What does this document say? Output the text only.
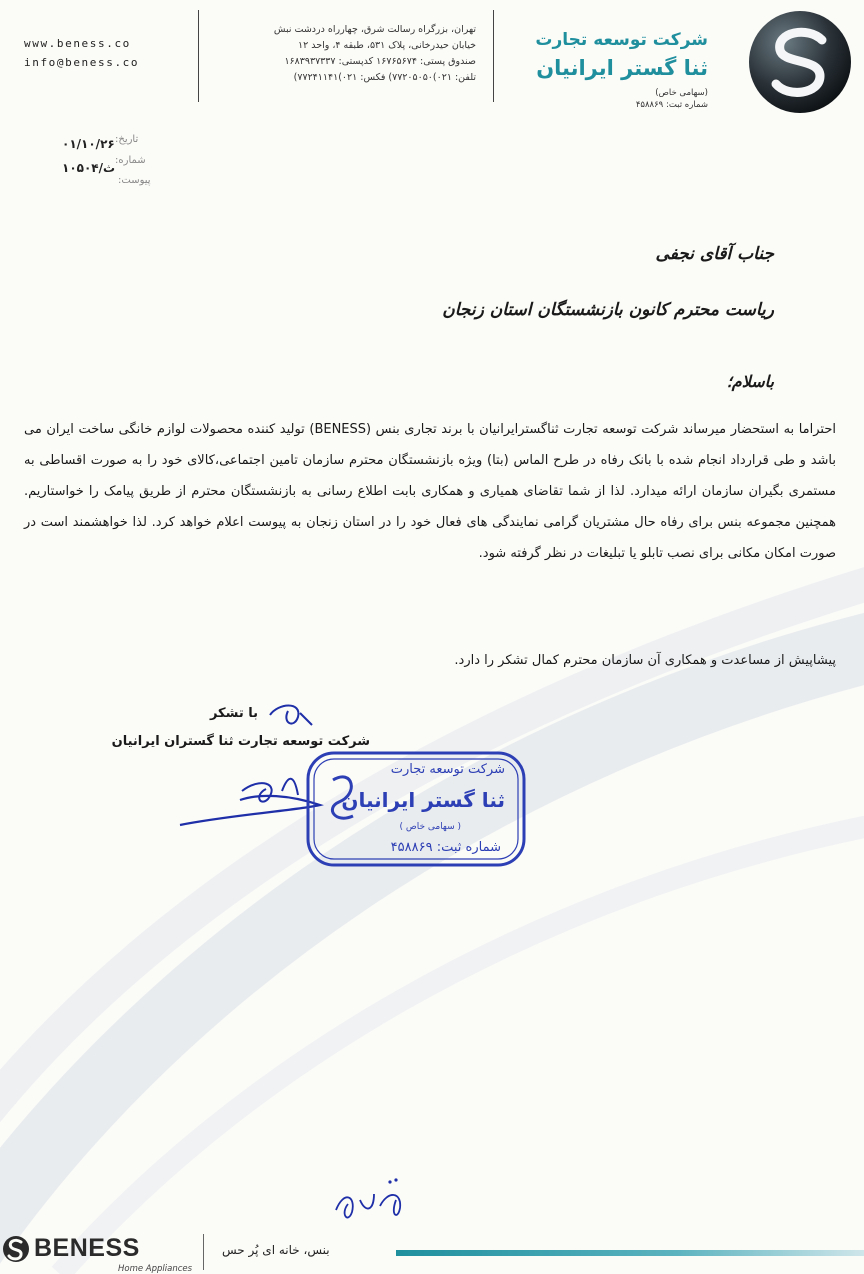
شرکت توسعه تجارت
ثنا گستر ایرانیان
(سهامی خاص)
شماره ثبت: ۴۵۸۸۶۹
تهران، بزرگراه رسالت شرق، چهارراه دردشت نبش
خیابان حیدرخانی، پلاک ۵۳۱، طبقه ۴، واحد ۱۲
صندوق پستی: ۱۶۷۶۵۶۷۴ کدپستی: ۱۶۸۳۹۳۷۳۳۷
تلفن: ۰۲۱)۷۷۲۰۵۰۵۰) فکس: ۰۲۱)۷۷۲۴۱۱۴۱)
www.beness.co
info@beness.co
تاریخ:
۰۱/۱۰/۲۶
شماره:
ث/۱۰۵۰۴
پیوست:
جناب آقای نجفی
ریاست محترم کانون بازنشستگان استان زنجان
باسلام؛
احتراما به استحضار میرساند شرکت توسعه تجارت ثناگسترایرانیان با برند تجاری بنس (BENESS) تولید کننده محصولات لوازم خانگی ساخت ایران می باشد و طی قرارداد انجام شده با بانک رفاه در طرح الماس (بتا) ویژه بازنشستگان محترم سازمان تامین اجتماعی،کالای خود را به صورت اقساطی به مستمری بگیران سازمان ارائه میدارد. لذا از شما تقاضای همیاری و همکاری بابت اطلاع رسانی به بازنشستگان محترم از طریق پیامک را خواستاریم. همچنین مجموعه بنس برای رفاه حال مشتریان گرامی نمایندگی های فعال خود را در استان زنجان به پیوست اعلام خواهد کرد. لذا خواهشمند است در صورت امکان مکانی برای نصب تابلو یا تبلیغات در نظر گرفته شود.
پیشاپیش از مساعدت و همکاری آن سازمان محترم کمال تشکر را دارد.
با تشکر
شرکت توسعه تجارت ثنا گستران ایرانیان
شرکت توسعه تجارت
ثنا گستر ایرانیان
( سهامی خاص )
شماره ثبت: ۴۵۸۸۶۹
BENESS
Home Appliances
بنس، خانه ای پُر حس
